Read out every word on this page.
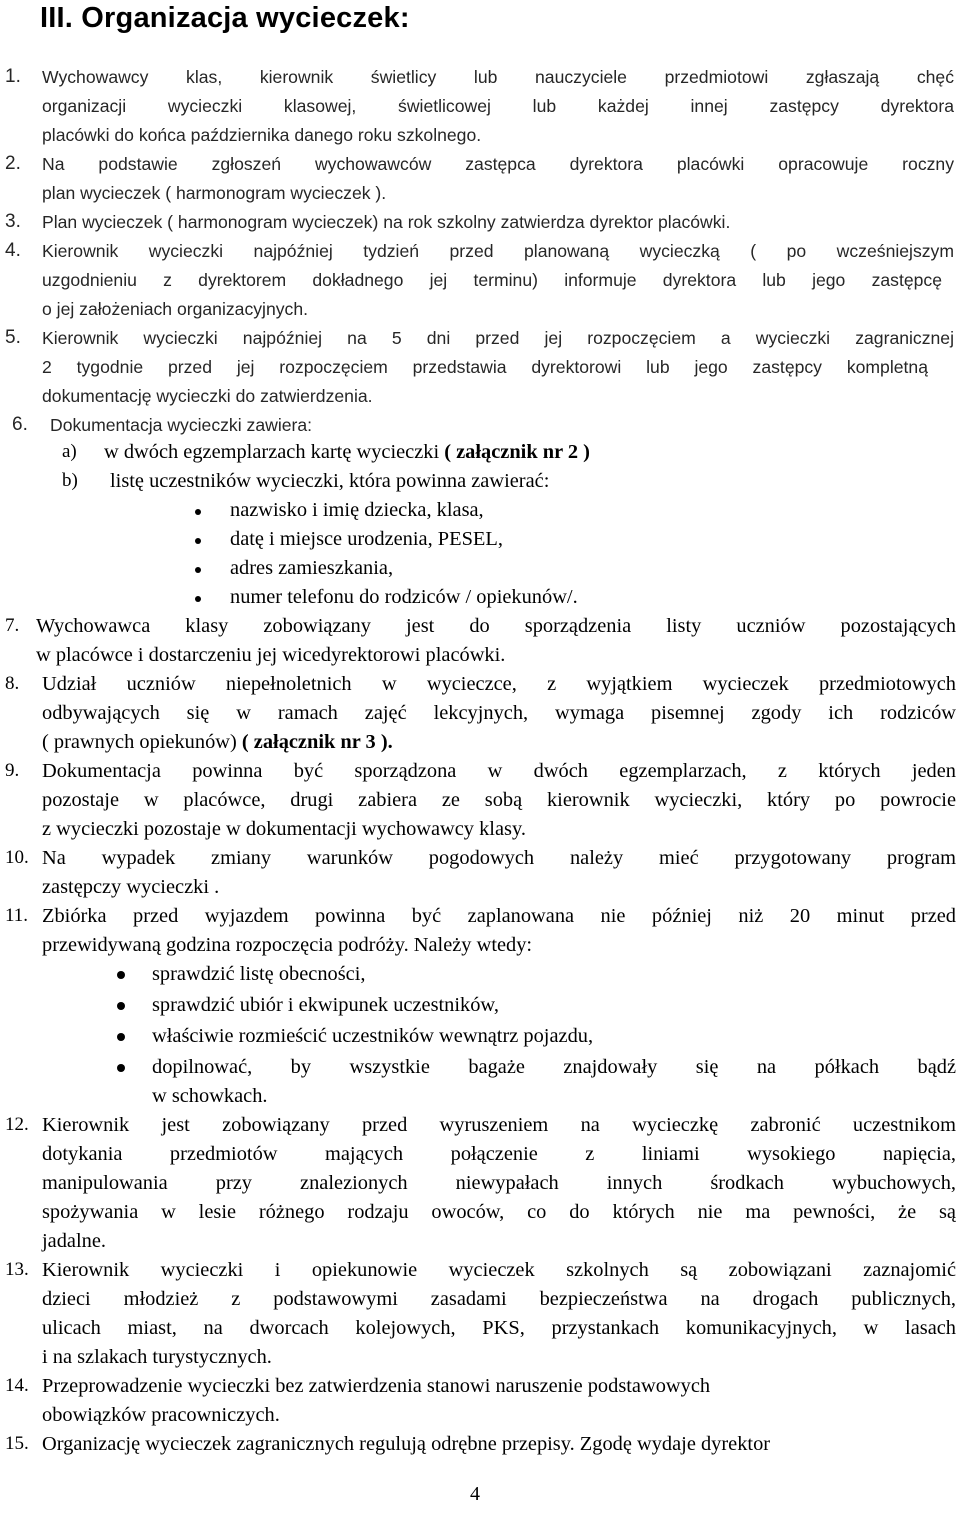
III. Organizacja wycieczek:
1. Wychowawcy klas, kierownik świetlicy lub nauczyciele przedmiotowi zgłaszają chęć
organizacji wycieczki klasowej, świetlicowej lub każdej innej zastępcy dyrektora
placówki do końca października danego roku szkolnego.
2. Na podstawie zgłoszeń wychowawców zastępca dyrektora placówki opracowuje roczny
plan wycieczek ( harmonogram wycieczek ).
3. Plan wycieczek ( harmonogram wycieczek) na rok szkolny zatwierdza dyrektor placówki.
4. Kierownik wycieczki najpóźniej tydzień przed planowaną wycieczką ( po wcześniejszym
uzgodnieniu z dyrektorem dokładnego jej terminu) informuje dyrektora lub jego zastępcę
o jej założeniach organizacyjnych.
5. Kierownik wycieczki najpóźniej na 5 dni przed jej rozpoczęciem a wycieczki zagranicznej
2 tygodnie przed jej rozpoczęciem przedstawia dyrektorowi lub jego zastępcy kompletną
dokumentację wycieczki do zatwierdzenia.
6. Dokumentacja wycieczki zawiera:
a) w dwóch egzemplarzach kartę wycieczki ( załącznik nr 2 )
b) listę uczestników wycieczki, która powinna zawierać:
nazwisko i imię dziecka, klasa,
datę i miejsce urodzenia, PESEL,
adres zamieszkania,
numer telefonu do rodziców / opiekunów/.
7. Wychowawca klasy zobowiązany jest do sporządzenia listy uczniów pozostających
w placówce i dostarczeniu jej wicedyrektorowi placówki.
8. Udział uczniów niepełnoletnich w wycieczce, z wyjątkiem wycieczek przedmiotowych
odbywających się w ramach zajęć lekcyjnych, wymaga pisemnej zgody ich rodziców
( prawnych opiekunów) ( załącznik nr 3 ).
9. Dokumentacja powinna być sporządzona w dwóch egzemplarzach, z których jeden
pozostaje w placówce, drugi zabiera ze sobą kierownik wycieczki, który po powrocie
z wycieczki pozostaje w dokumentacji wychowawcy klasy.
10. Na wypadek zmiany warunków pogodowych należy mieć przygotowany program
zastępczy wycieczki .
11. Zbiórka przed wyjazdem powinna być zaplanowana nie później niż 20 minut przed
przewidywaną godzina rozpoczęcia podróży. Należy wtedy:
sprawdzić listę obecności,
sprawdzić ubiór i ekwipunek uczestników,
właściwie rozmieścić uczestników wewnątrz pojazdu,
dopilnować, by wszystkie bagaże znajdowały się na półkach bądź
w schowkach.
12. Kierownik jest zobowiązany przed wyruszeniem na wycieczkę zabronić uczestnikom
dotykania przedmiotów mających połączenie z liniami wysokiego napięcia,
manipulowania przy znalezionych niewypałach innych środkach wybuchowych,
spożywania w lesie różnego rodzaju owoców, co do których nie ma pewności, że są
jadalne.
13. Kierownik wycieczki i opiekunowie wycieczek szkolnych są zobowiązani zaznajomić
dzieci młodzież z podstawowymi zasadami bezpieczeństwa na drogach publicznych,
ulicach miast, na dworcach kolejowych, PKS, przystankach komunikacyjnych, w lasach
i na szlakach turystycznych.
14. Przeprowadzenie wycieczki bez zatwierdzenia stanowi naruszenie podstawowych
obowiązków pracowniczych.
15. Organizację wycieczek zagranicznych regulują odrębne przepisy. Zgodę wydaje dyrektor
4
